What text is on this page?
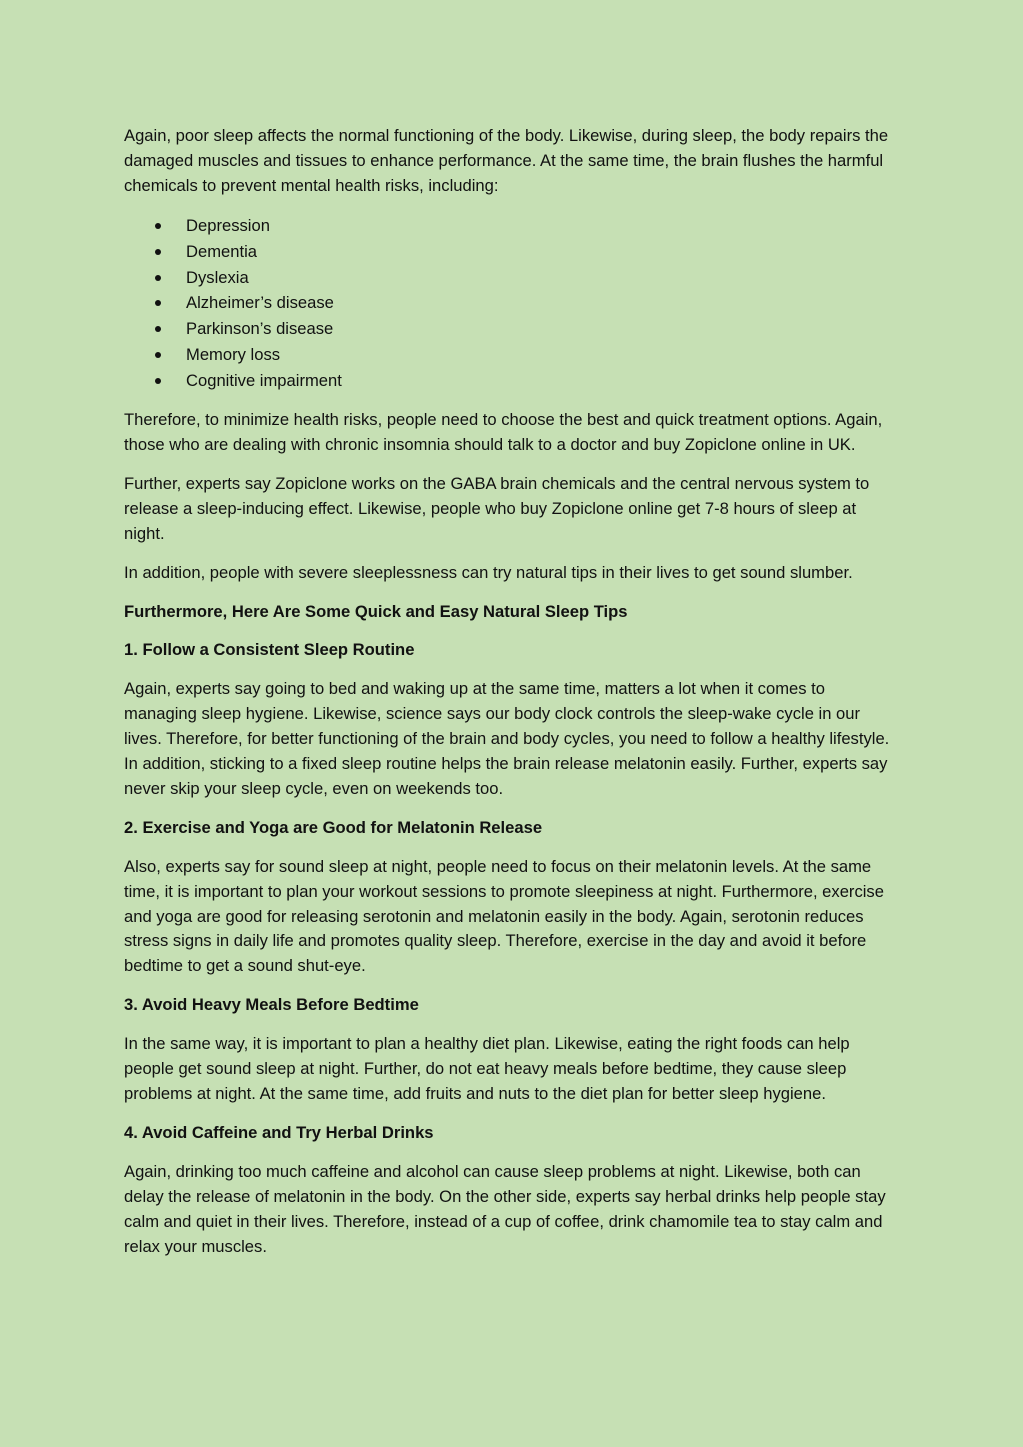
Again, poor sleep affects the normal functioning of the body. Likewise, during sleep, the body repairs the damaged muscles and tissues to enhance performance. At the same time, the brain flushes the harmful chemicals to prevent mental health risks, including:

Depression
Dementia
Dyslexia
Alzheimer’s disease
Parkinson’s disease
Memory loss
Cognitive impairment

Therefore, to minimize health risks, people need to choose the best and quick treatment options. Again, those who are dealing with chronic insomnia should talk to a doctor and buy Zopiclone online in UK.

Further, experts say Zopiclone works on the GABA brain chemicals and the central nervous system to release a sleep-inducing effect. Likewise, people who buy Zopiclone online get 7-8 hours of sleep at night.

In addition, people with severe sleeplessness can try natural tips in their lives to get sound slumber.

Furthermore, Here Are Some Quick and Easy Natural Sleep Tips

1. Follow a Consistent Sleep Routine

Again, experts say going to bed and waking up at the same time, matters a lot when it comes to managing sleep hygiene. Likewise, science says our body clock controls the sleep-wake cycle in our lives. Therefore, for better functioning of the brain and body cycles, you need to follow a healthy lifestyle. In addition, sticking to a fixed sleep routine helps the brain release melatonin easily. Further, experts say never skip your sleep cycle, even on weekends too.

2. Exercise and Yoga are Good for Melatonin Release

Also, experts say for sound sleep at night, people need to focus on their melatonin levels. At the same time, it is important to plan your workout sessions to promote sleepiness at night. Furthermore, exercise and yoga are good for releasing serotonin and melatonin easily in the body. Again, serotonin reduces stress signs in daily life and promotes quality sleep. Therefore, exercise in the day and avoid it before bedtime to get a sound shut-eye.

3. Avoid Heavy Meals Before Bedtime

In the same way, it is important to plan a healthy diet plan. Likewise, eating the right foods can help people get sound sleep at night. Further, do not eat heavy meals before bedtime, they cause sleep problems at night. At the same time, add fruits and nuts to the diet plan for better sleep hygiene.

4. Avoid Caffeine and Try Herbal Drinks

Again, drinking too much caffeine and alcohol can cause sleep problems at night. Likewise, both can delay the release of melatonin in the body. On the other side, experts say herbal drinks help people stay calm and quiet in their lives. Therefore, instead of a cup of coffee, drink chamomile tea to stay calm and relax your muscles.
